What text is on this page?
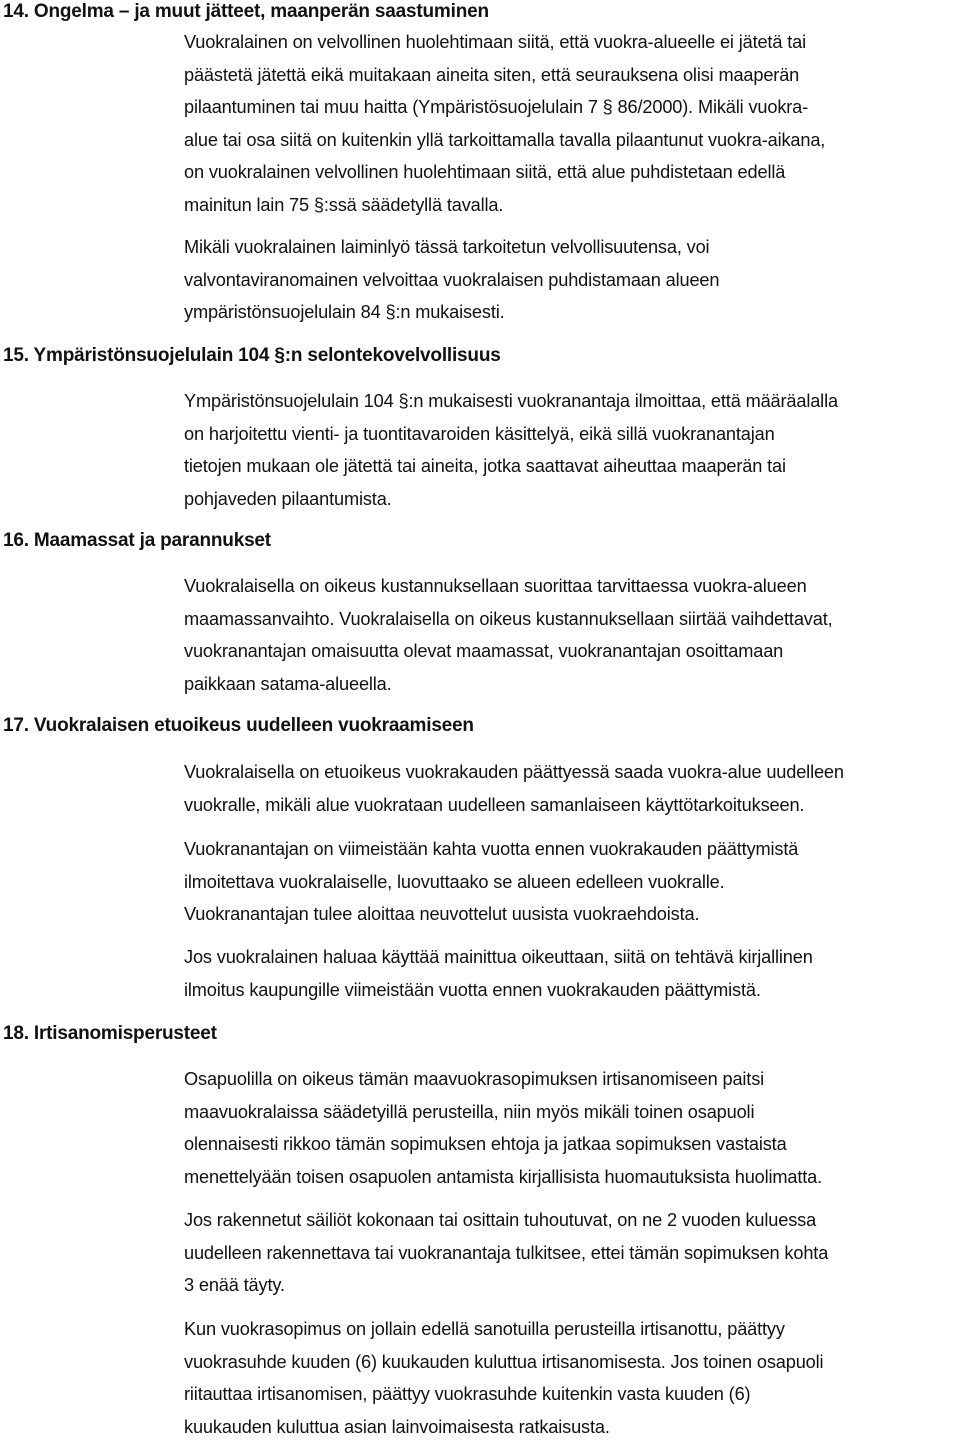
14. Ongelma – ja muut jätteet, maanperän saastuminen
Vuokralainen on velvollinen huolehtimaan siitä, että vuokra-alueelle ei jätetä tai
päästetä jätettä eikä muitakaan aineita siten, että seurauksena olisi maaperän
pilaantuminen tai muu haitta (Ympäristösuojelulain 7 § 86/2000). Mikäli vuokra-
alue tai osa siitä on kuitenkin yllä tarkoittamalla tavalla pilaantunut vuokra-aikana,
on vuokralainen velvollinen huolehtimaan siitä, että alue puhdistetaan edellä
mainitun lain 75 §:ssä säädetyllä tavalla.
Mikäli vuokralainen laiminlyö tässä tarkoitetun velvollisuutensa, voi
valvontaviranomainen velvoittaa vuokralaisen puhdistamaan alueen
ympäristönsuojelulain 84 §:n mukaisesti.
15. Ympäristönsuojelulain 104 §:n selontekovelvollisuus
Ympäristönsuojelulain 104 §:n mukaisesti vuokranantaja ilmoittaa, että määräalalla
on harjoitettu vienti- ja tuontitavaroiden käsittelyä, eikä sillä vuokranantajan
tietojen mukaan ole jätettä tai aineita, jotka saattavat aiheuttaa maaperän tai
pohjaveden pilaantumista.
16. Maamassat ja parannukset
Vuokralaisella on oikeus kustannuksellaan suorittaa tarvittaessa vuokra-alueen
maamassanvaihto. Vuokralaisella on oikeus kustannuksellaan siirtää vaihdettavat,
vuokranantajan omaisuutta olevat maamassat, vuokranantajan osoittamaan
paikkaan satama-alueella.
17. Vuokralaisen etuoikeus uudelleen vuokraamiseen
Vuokralaisella on etuoikeus vuokrakauden päättyessä saada vuokra-alue uudelleen
vuokralle, mikäli alue vuokrataan uudelleen samanlaiseen käyttötarkoitukseen.
Vuokranantajan on viimeistään kahta vuotta ennen vuokrakauden päättymistä
ilmoitettava vuokralaiselle, luovuttaako se alueen edelleen vuokralle.
Vuokranantajan tulee aloittaa neuvottelut uusista vuokraehdoista.
Jos vuokralainen haluaa käyttää mainittua oikeuttaan, siitä on tehtävä kirjallinen
ilmoitus kaupungille viimeistään vuotta ennen vuokrakauden päättymistä.
18. Irtisanomisperusteet
Osapuolilla on oikeus tämän maavuokrasopimuksen irtisanomiseen paitsi
maavuokralaissa säädetyillä perusteilla, niin myös mikäli toinen osapuoli
olennaisesti rikkoo tämän sopimuksen ehtoja ja jatkaa sopimuksen vastaista
menettelyään toisen osapuolen antamista kirjallisista huomautuksista huolimatta.
Jos rakennetut säiliöt kokonaan tai osittain tuhoutuvat, on ne 2 vuoden kuluessa
uudelleen rakennettava tai vuokranantaja tulkitsee, ettei tämän sopimuksen kohta
3 enää täyty.
Kun vuokrasopimus on jollain edellä sanotuilla perusteilla irtisanottu, päättyy
vuokrasuhde kuuden (6) kuukauden kuluttua irtisanomisesta. Jos toinen osapuoli
riitauttaa irtisanomisen, päättyy vuokrasuhde kuitenkin vasta kuuden (6)
kuukauden kuluttua asian lainvoimaisesta ratkaisusta.
